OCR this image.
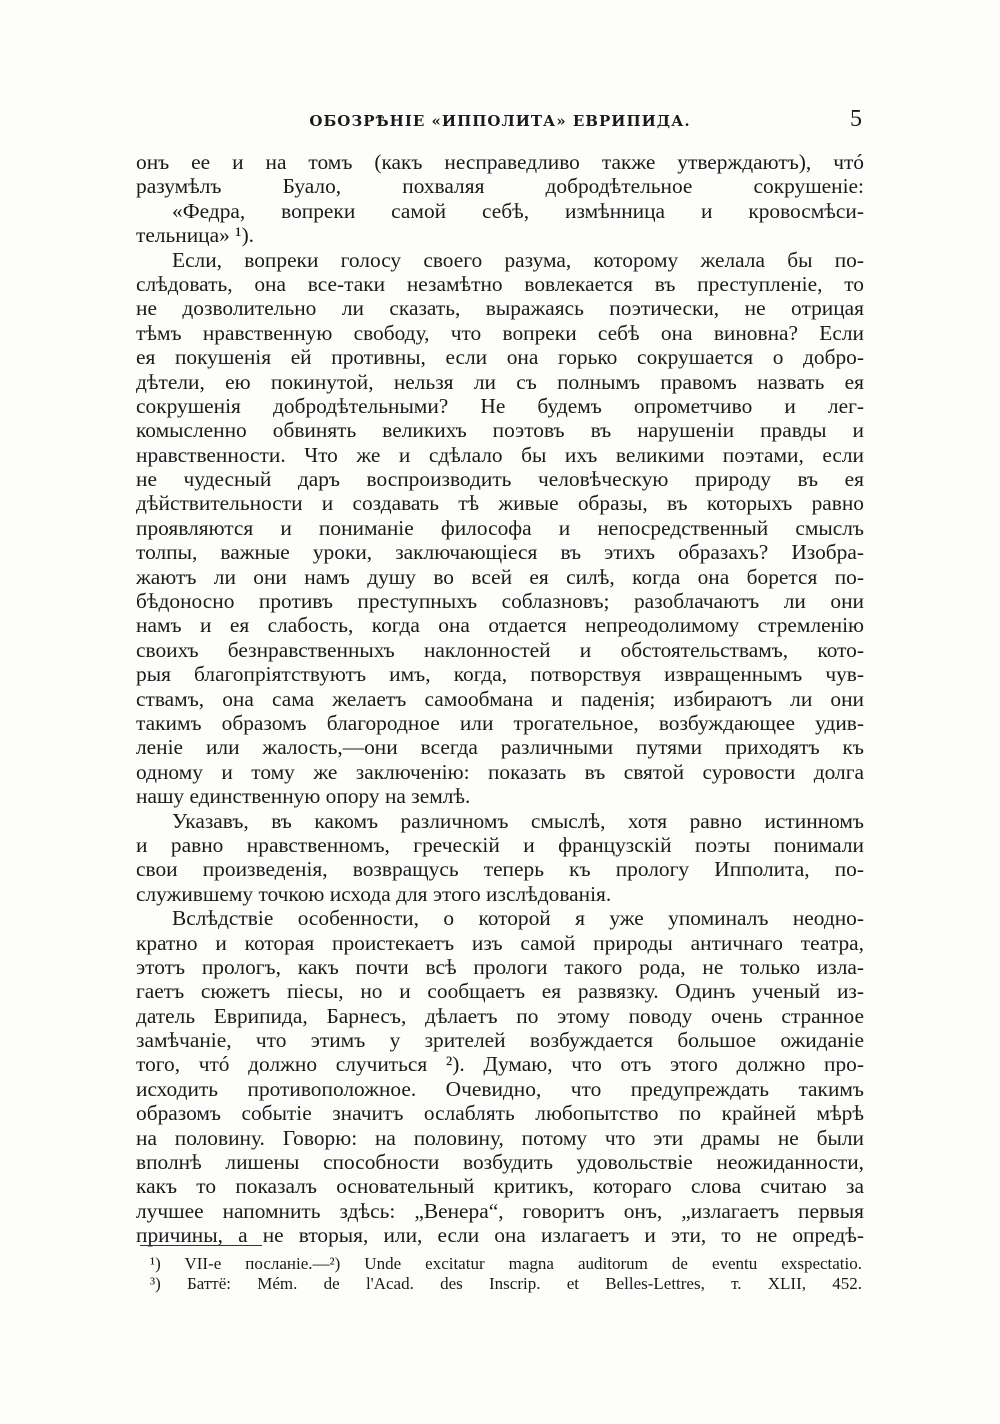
ОБОЗРѢНІЕ «ИППОЛИТА» ЕВРИПИДА.	5
онъ ее и на томъ (какъ несправедливо также утверждаютъ), чтó
разумѣлъ Буало, похваляя добродѣтельное сокрушеніе:
«Федра, вопреки самой себѣ, измѣнница и кровосмѣси-
тельница» ¹).
Если, вопреки голосу своего разума, которому желала бы по-
слѣдовать, она все-таки незамѣтно вовлекается въ преступленіе, то
не дозволительно ли сказать, выражаясь поэтически, не отрицая
тѣмъ нравственную свободу, что вопреки себѣ она виновна? Если
ея покушенія ей противны, если она горько сокрушается о добро-
дѣтели, ею покинутой, нельзя ли съ полнымъ правомъ назвать ея
сокрушенія добродѣтельными? Не будемъ опрометчиво и лег-
комысленно обвинять великихъ поэтовъ въ нарушеніи правды и
нравственности. Что же и сдѣлало бы ихъ великими поэтами, если
не чудесный даръ воспроизводить человѣческую природу въ ея
дѣйствительности и создавать тѣ живые образы, въ которыхъ равно
проявляются и пониманіе философа и непосредственный смыслъ
толпы, важные уроки, заключающіеся въ этихъ образахъ? Изобра-
жаютъ ли они намъ душу во всей ея силѣ, когда она борется по-
бѣдоносно противъ преступныхъ соблазновъ; разоблачаютъ ли они
намъ и ея слабость, когда она отдается непреодолимому стремленію
своихъ безнравственныхъ наклонностей и обстоятельствамъ, кото-
рыя благопріятствуютъ имъ, когда, потворствуя извращеннымъ чув-
ствамъ, она сама желаетъ самообмана и паденія; избираютъ ли они
такимъ образомъ благородное или трогательное, возбуждающее удив-
леніе или жалость,—они всегда различными путями приходятъ къ
одному и тому же заключенію: показать въ святой суровости долга
нашу единственную опору на землѣ.
Указавъ, въ какомъ различномъ смыслѣ, хотя равно истинномъ
и равно нравственномъ, греческій и французскій поэты понимали
свои произведенія, возвращусь теперь къ прологу Ипполита, по-
служившему точкою исхода для этого изслѣдованія.
Вслѣдствіе особенности, о которой я уже упоминалъ неодно-
кратно и которая проистекаетъ изъ самой природы античнаго театра,
этотъ прологъ, какъ почти всѣ прологи такого рода, не только изла-
гаетъ сюжетъ піесы, но и сообщаетъ ея развязку. Одинъ ученый из-
датель Еврипида, Барнесъ, дѣлаетъ по этому поводу очень странное
замѣчаніе, что этимъ у зрителей возбуждается большое ожиданіе
того, чтó должно случиться ²). Думаю, что отъ этого должно про-
исходить противоположное. Очевидно, что предупреждать такимъ
образомъ событіе значитъ ослаблять любопытство по крайней мѣрѣ
на половину. Говорю: на половину, потому что эти драмы не были
вполнѣ лишены способности возбудить удовольствіе неожиданности,
какъ то показалъ основательный критикъ, котораго слова считаю за
лучшее напомнить здѣсь: „Венера“, говоритъ онъ, „излагаетъ первыя
причины, а не вторыя, или, если она излагаетъ и эти, то не опредѣ-
¹) VII-е посланіе.—²) Unde excitatur magna auditorum de eventu exspectatio.
³) Баттё: Mém. de l'Acad. des Inscrip. et Belles-Lettres, т. XLII, 452.
